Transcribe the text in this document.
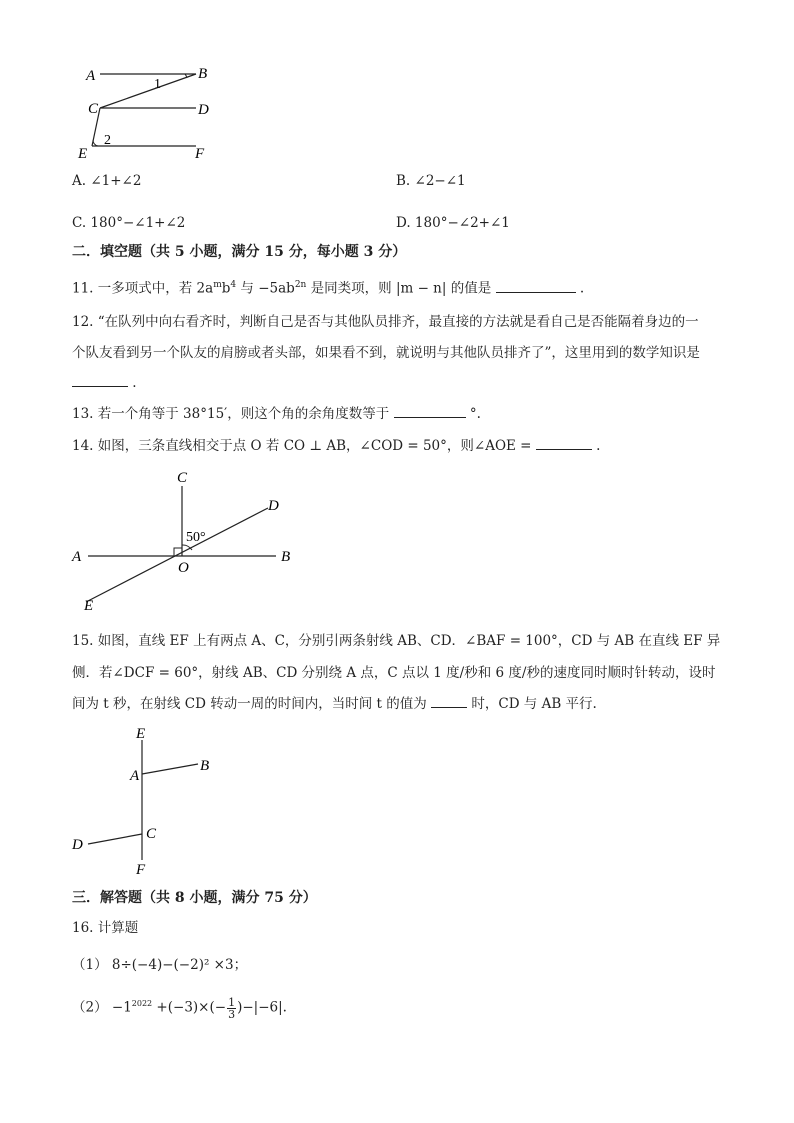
A	B
C	D
E	F
1
2
A. ∠1+∠2	B. ∠2−∠1
C. 180°−∠1+∠2	D. 180°−∠2+∠1
二．填空题（共 5 小题，满分 15 分，每小题 3 分）
11. 一多项式中，若 $2a^mb^4$ 与 $-5ab^{2n}$ 是同类项，则 |m − n| 的值是	.
12. “在队列中向右看齐时，判断自己是否与其他队员排齐，最直接的方法就是看自己是否能隔着身边的一
个队友看到另一个队友的肩膀或者头部，如果看不到，就说明与其他队员排齐了”，这里用到的数学知识是
.
13. 若一个角等于 38°15′，则这个角的余角度数等于	°.
14. 如图，三条直线相交于点 O 若 CO ⊥ AB，∠COD = 50°，则∠AOE =	.
C
D
A	B
O
E
50°
15. 如图，直线 EF 上有两点 A、C，分别引两条射线 AB、CD．∠BAF = 100°，CD 与 AB 在直线 EF 异
侧．若∠DCF = 60°，射线 AB、CD 分别绕 A 点，C 点以 1 度/秒和 6 度/秒的速度同时顺时针转动，设时
间为 t 秒，在射线 CD 转动一周的时间内，当时间 t 的值为	时，CD 与 AB 平行.
E
A
B
C
D
F
三．解答题（共 8 小题，满分 75 分）
16. 计算题
（1） 8÷(−4)−(−2)² ×3；
$(2) -1^{2022} +(-3)\times(- \frac{1}{3} )-|-6|$.
